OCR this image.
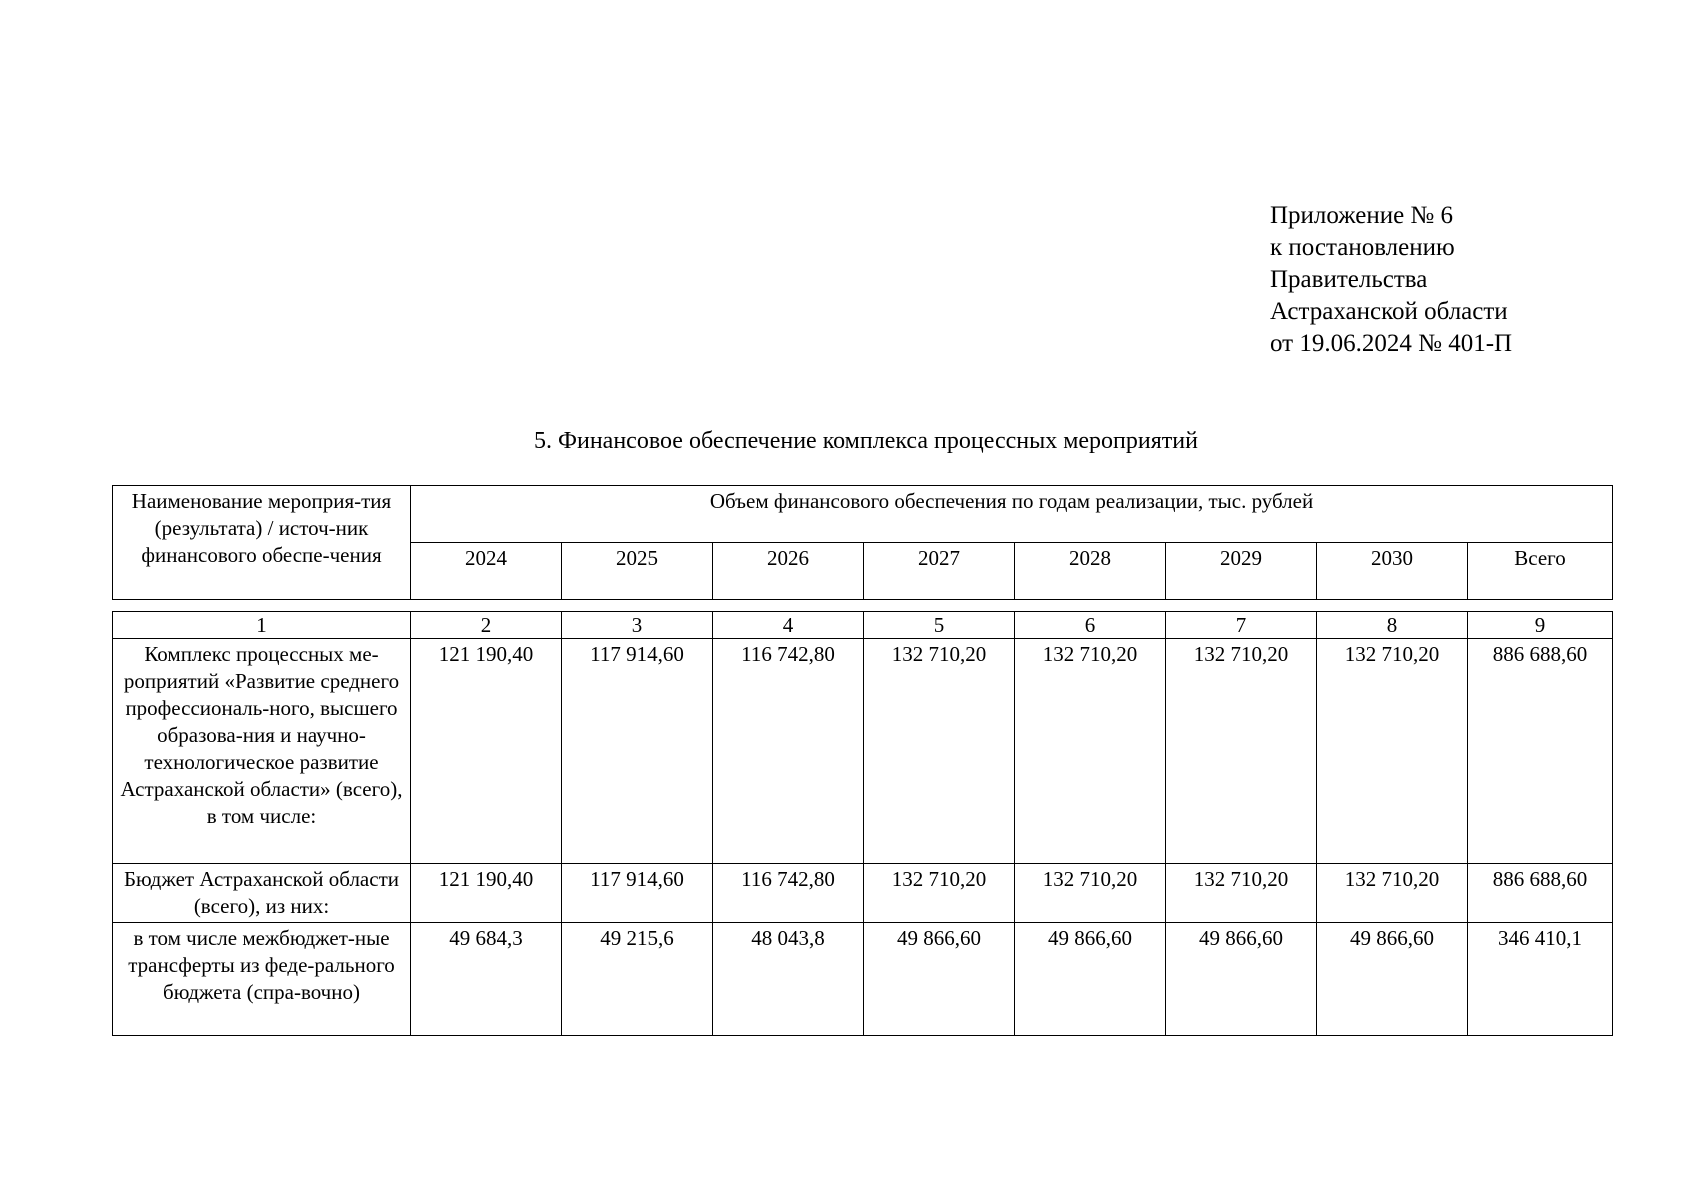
Приложение № 6
к постановлению
Правительства
Астраханской области
от 19.06.2024 № 401-П
5. Финансовое обеспечение комплекса процессных мероприятий
Наименование мероприя-тия (результата) / источ-ник финансового обеспе-чения	Объем финансового обеспечения по годам реализации, тыс. рублей							
	2024	2025	2026	2027	2028	2029	2030	Всего
1	2	3	4	5	6	7	8	9
Комплекс процессных ме-роприятий «Развитие среднего профессиональ-ного, высшего образова-ния и научно-технологическое развитие Астраханской области» (всего), в том числе:	121 190,40	117 914,60	116 742,80	132 710,20	132 710,20	132 710,20	132 710,20	886 688,60
Бюджет Астраханской области (всего), из них:	121 190,40	117 914,60	116 742,80	132 710,20	132 710,20	132 710,20	132 710,20	886 688,60
в том числе межбюджет-ные трансферты из феде-рального бюджета (спра-вочно)	49 684,3	49 215,6	48 043,8	49 866,60	49 866,60	49 866,60	49 866,60	346 410,1
